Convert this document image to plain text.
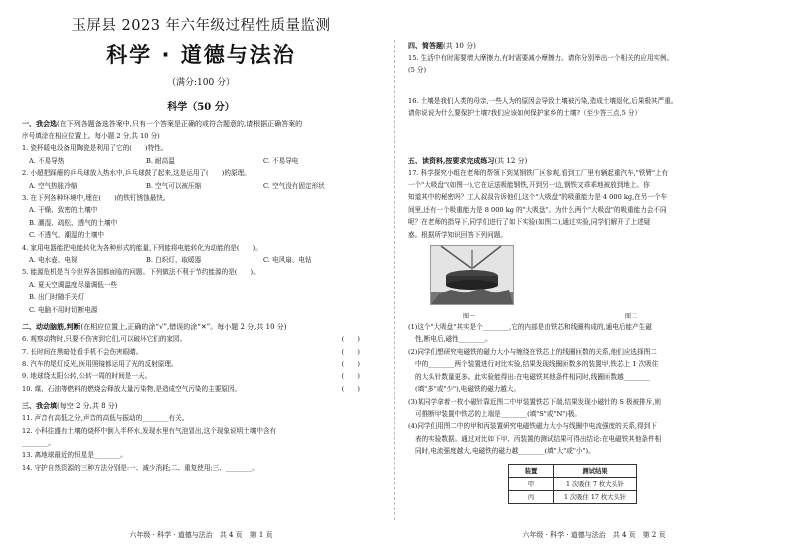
玉屏县 2023 年六年级过程性质量监测
科学 · 道德与法治
（满分:100 分）
科学（50 分）
一、我会选(在下列各题备选答案中,只有一个答案是正确的或符合题意的,请根据正确答案的
序号填涂在相应位置上。每小题 2 分,共 10 分)
1. 瓷杯暖电设备用陶瓷是利用了它的(　　)特性。
A. 不易导热	B. 耐高温	C. 不易导电
2. 小超把踩瘪的乒乓球放入热水中,乒乓球鼓了起来,这是运用了(　　)的原理。
A. 空气热胀冷缩	B. 空气可以被压缩	C. 空气没有固定形状
3. 在下列各种环境中,埋在(　　)的铁钉锈蚀最快。
A. 干燥、致密的土壤中
B. 潮湿、疏松、透气的土壤中
C. 不透气、潮湿的土壤中
4. 家用电器能把电能转化为各种形式的能量,下列能将电能转化为动能的是(　　)。
A. 电水壶、电视	B. 白炽灯、取暖器	C. 电风扇、电钻
5. 能源危机是当今世界各国都面临的问题。下列做法不利于节约能源的是(　　)。
A. 夏天空调温度尽量调低一些
B. 出门时随手关灯
C. 电脑不用时切断电源
二、动动脑筋,判断(在相应位置上,正确的涂“√”,错误的涂“✕”。每小题 2 分,共 10 分)
6. 观察动物时,只要不伤害到它们,可以破坏它们的家园。	(　　)
7. 长时间在黑暗处看手机不会伤害眼睛。	(　　)
8. 汽车的尾灯反光,医用照镜都运用了光的反射原理。	(　　)
9. 地球绕太阳公转,公转一周的时间是一天。	(　　)
10. 煤、石油等燃料的燃烧会释放大量污染物,是造成空气污染的主要原因。	(　　)
三、我会填(每空 2 分,共 8 分)
11. 声音有高低之分,声音的高低与振动的________有关。
12. 小科往盛有土壤的烧杯中倒入半杯水,发现水里有气泡冒出,这个现象说明土壤中含有
________。
13. 离地球最近的恒星是________。
14. 守护自然资源的三种方法分别是:一、减少消耗;二、重复使用;三、________。
六年级 · 科学 · 道德与法治　共 4 页　第 1 页
四、简答题(共 10 分)
15. 生活中有时需要增大摩擦力,有时需要减小摩擦力。请你分别举出一个相关的应用实例。
(5 分)
16. 土壤是我们人类的母亲,一些人为的原因会导致土壤被污染,造成土壤退化,后果极其严重。
请你说说为什么要保护土壤?我们应该如何保护家乡的土壤?（至少答三点,5 分）
五、读资料,按要求完成练习(共 12 分)
17. 科学探究小组在老师的帮领下到某钢铁厂区参观,看到工厂里有辆起重汽车,"铁臂"上有
一个"大吸盘"(如图一),它在运送吸能钢铁,开到另一边,钢铁又乖乖地被放到地上。你
知道其中的秘密吗？工人叔叔告诉他们,这个"大吸盘"的吸重能力是 4 000 kg,在另一个车
间里,还有一个吸重能力是 8 000 kg 的"大吸盘"。为什么两个"大吸盘"的吸重能力会不同
呢？在老师的指导下,同学们进行了如下实验(如图二),通过实验,同学们解开了上述疑
惑。根据所学知识回答下列问题。
图一	图二
(1)这个"大吸盘"其实是个________,它的内部是由铁芯和线圈构成的,通电后能产生磁
性,断电后,磁性________。
(2)同学们想研究电磁铁的磁力大小与缠绕在铁芯上的线圈匝数的关系,他们应选择图二
中的________两个装置进行对比实验,结果发现线圈匝数多的装置甲,铁芯上 1 次吸住
的大头针数量更多。此实验能得出:在电磁铁其他条件相同时,线圈匝数越________
(填"多"或"少"),电磁铁的磁力越大。
(3)某同学拿着一枚小磁针靠近图二中甲装置铁芯下端,结果发现小磁针的 S 极被排斥,则
可推断甲装置中铁芯的上端是________(填"S"或"N")极。
(4)同学们用图二中的甲和丙装置研究电磁铁磁力大小与线圈中电流强度的关系,得到下
表的实验数据。通过对比如下甲、丙装置的测试结果可得出结论:在电磁铁其他条件相
同时,电流强度越大,电磁铁的磁力越________(填"大"或"小")。
装置	测试结果
甲	1 次吸住 7 枚大头针
丙	1 次吸住 17 枚大头针
六年级 · 科学 · 道德与法治　共 4 页　第 2 页
